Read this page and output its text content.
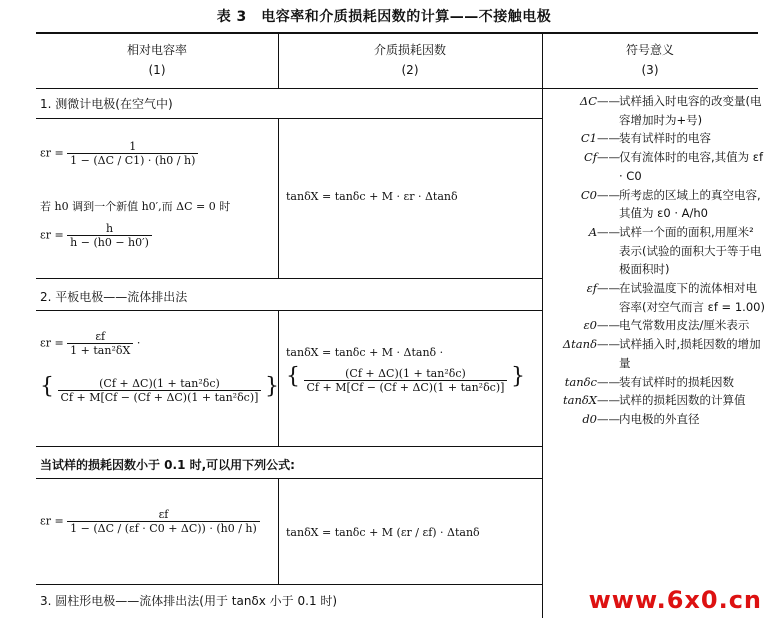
表 3　电容率和介质损耗因数的计算——不接触电极
相对电容率
(1)
介质损耗因数
(2)
符号意义
(3)
1. 测微计电极(在空气中)
2. 平板电极——流体排出法
当试样的损耗因数小于 0.1 时,可以用下列公式:
3. 圆柱形电极——流体排出法(用于 tanδx 小于 0.1 时)
$\varepsilon r = \frac{1}{1 - (\Delta C / C1) \cdot (h0 / h)}$
若 h0 调到一个新值 h0′,而 ΔC = 0 时
$\varepsilon r = \frac{h}{h - (h0 - h0')}$
tanδX = tanδc + M · εr · Δtanδ
$\varepsilon r = \frac{\varepsilon f}{\text{1 + tan²δX}}$ ·
{ $\frac{\text{(Cf + ΔC)(1 + tan²δc)}}{\text{Cf + M[Cf − (Cf + ΔC)(1 + tan²δc)]}}$ }
tanδX = tanδc + M · Δtanδ ·
{ $\frac{\text{(Cf + ΔC)(1 + tan²δc)}}{\text{Cf + M[Cf − (Cf + ΔC)(1 + tan²δc)]}}$ }
$\varepsilon r = \frac{\varepsilon f}{1 - (\Delta C / (\varepsilon f \cdot C0 + \Delta C)) \cdot (h0 / h)}$ tanδX = tanδc + M (εr / εf) · Δtanδ
ΔC —— 试样插入时电容的改变量(电容增加时为+号)
C1 —— 装有试样时的电容
Cf —— 仅有流体时的电容,其值为 εf · C0
C0 —— 所考虑的区域上的真空电容,其值为 ε0 · A/h0
A —— 试样一个面的面积,用厘米² 表示(试验的面积大于等于电极面积时)
εf —— 在试验温度下的流体相对电容率(对空气而言 εf = 1.00)
ε0 —— 电气常数用皮法/厘米表示
Δtanδ —— 试样插入时,损耗因数的增加量
tanδc —— 装有试样时的损耗因数
tanδX —— 试样的损耗因数的计算值
d0 —— 内电极的外直径
www.6x0.cn
